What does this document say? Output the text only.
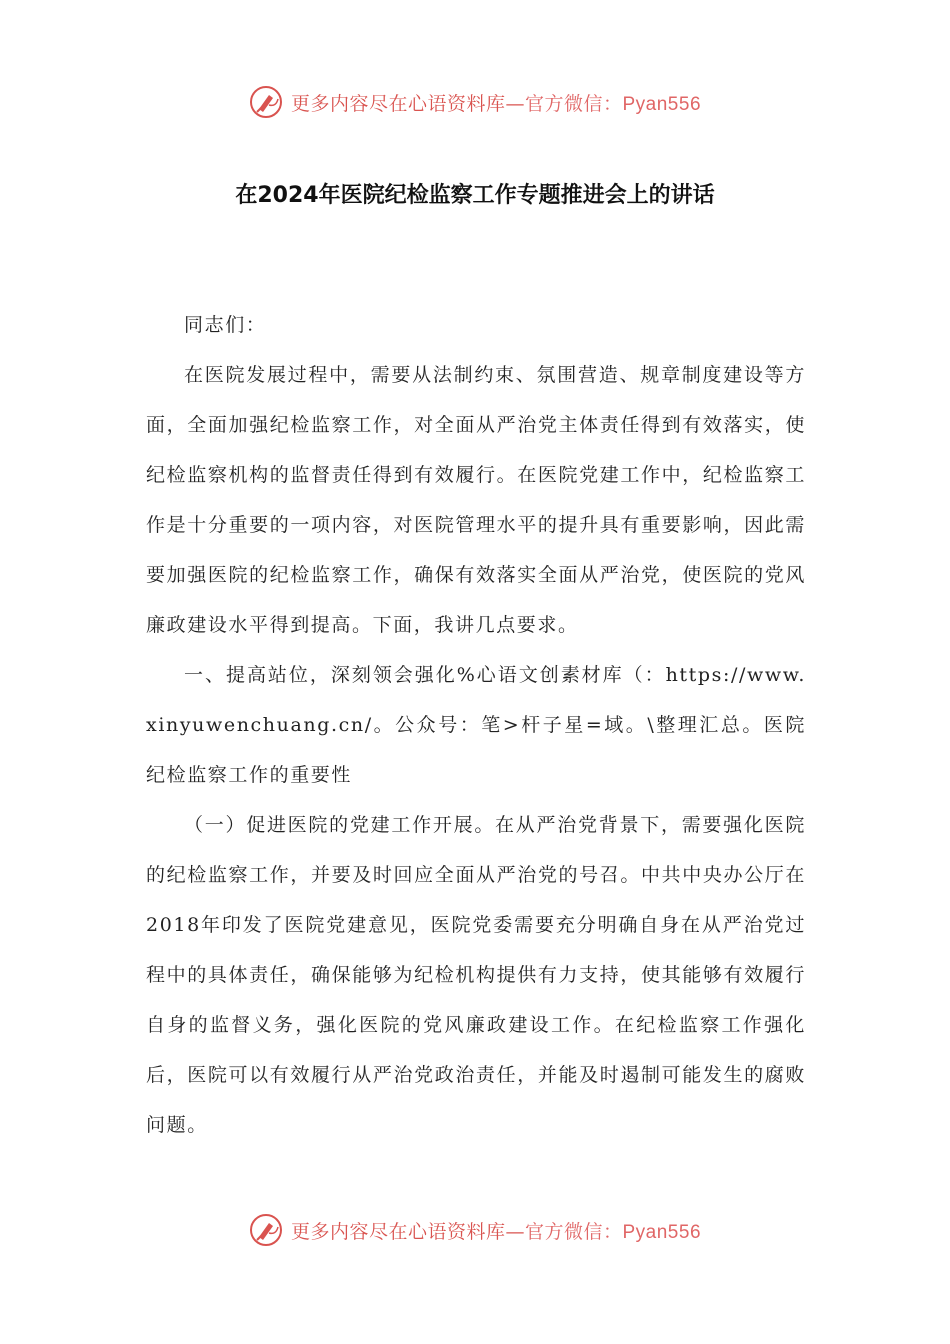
更多内容尽在心语资料库—官方微信：Pyan556
在2024年医院纪检监察工作专题推进会上的讲话

同志们：

在医院发展过程中，需要从法制约束、氛围营造、规章制度建设等方面，全面加强纪检监察工作，对全面从严治党主体责任得到有效落实，使纪检监察机构的监督责任得到有效履行。在医院党建工作中，纪检监察工作是十分重要的一项内容，对医院管理水平的提升具有重要影响，因此需要加强医院的纪检监察工作，确保有效落实全面从严治党，使医院的党风廉政建设水平得到提高。下面，我讲几点要求。

一、提高站位，深刻领会强化%心语文创素材库（：https://www.xinyuwenchuang.cn/。公众号：笔>杆子星=域。\整理汇总。医院纪检监察工作的重要性

（一）促进医院的党建工作开展。在从严治党背景下，需要强化医院的纪检监察工作，并要及时回应全面从严治党的号召。中共中央办公厅在2018年印发了医院党建意见，医院党委需要充分明确自身在从严治党过程中的具体责任，确保能够为纪检机构提供有力支持，使其能够有效履行自身的监督义务，强化医院的党风廉政建设工作。在纪检监察工作强化后，医院可以有效履行从严治党政治责任，并能及时遏制可能发生的腐败问题。

更多内容尽在心语资料库—官方微信：Pyan556
